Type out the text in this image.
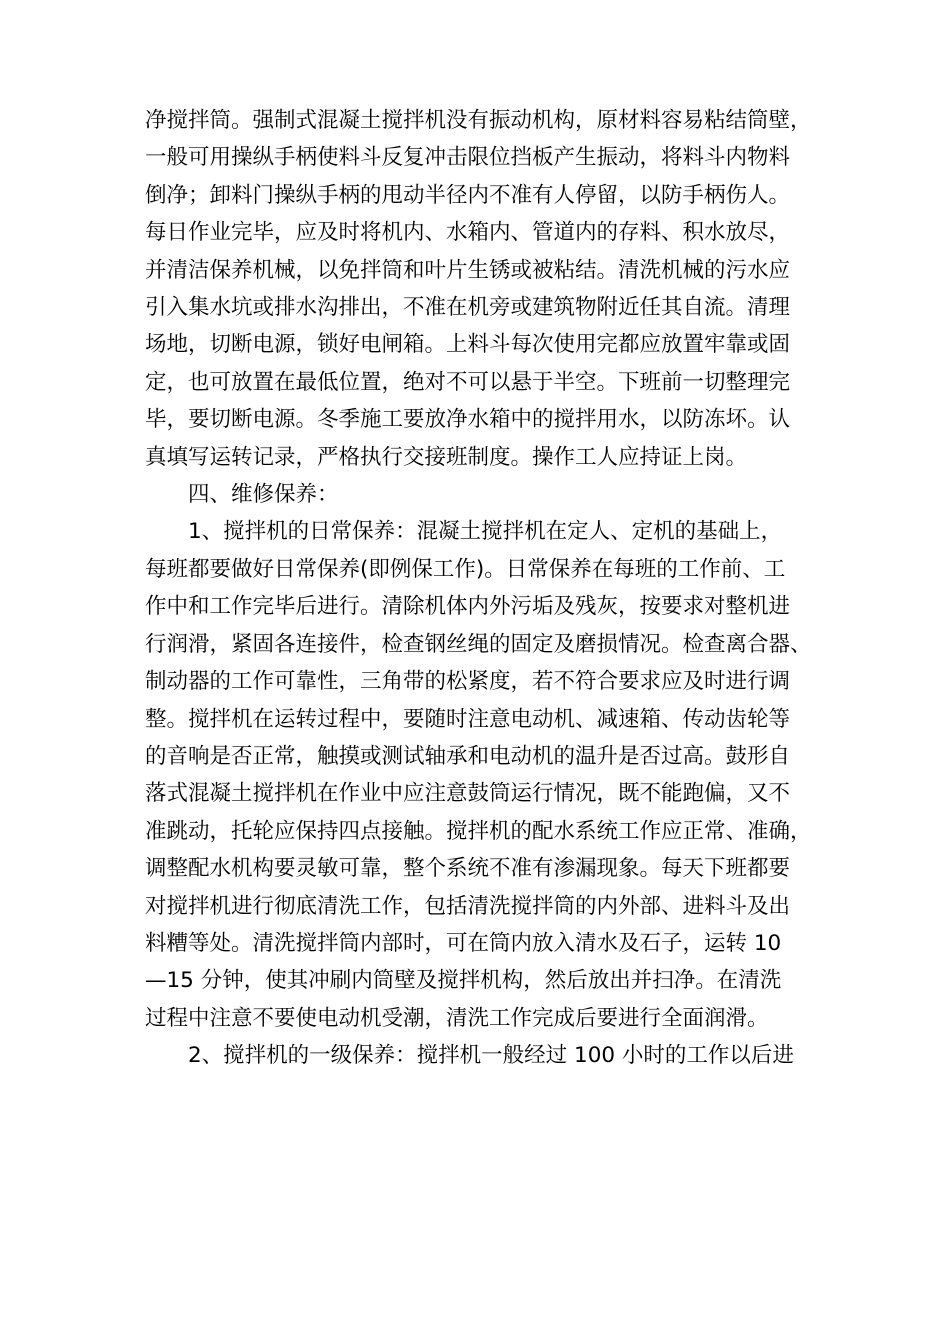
净搅拌筒。强制式混凝土搅拌机没有振动机构，原材料容易粘结筒壁，
一般可用操纵手柄使料斗反复冲击限位挡板产生振动，将料斗内物料
倒净；卸料门操纵手柄的甩动半径内不准有人停留，以防手柄伤人。
每日作业完毕，应及时将机内、水箱内、管道内的存料、积水放尽，
并清洁保养机械，以免拌筒和叶片生锈或被粘结。清洗机械的污水应
引入集水坑或排水沟排出，不准在机旁或建筑物附近任其自流。清理
场地，切断电源，锁好电闸箱。上料斗每次使用完都应放置牢靠或固
定，也可放置在最低位置，绝对不可以悬于半空。下班前一切整理完
毕，要切断电源。冬季施工要放净水箱中的搅拌用水，以防冻坏。认
真填写运转记录，严格执行交接班制度。操作工人应持证上岗。
四、维修保养：
1、搅拌机的日常保养：混凝土搅拌机在定人、定机的基础上，
每班都要做好日常保养(即例保工作)。日常保养在每班的工作前、工
作中和工作完毕后进行。清除机体内外污垢及残灰，按要求对整机进
行润滑，紧固各连接件，检查钢丝绳的固定及磨损情况。检查离合器、
制动器的工作可靠性，三角带的松紧度，若不符合要求应及时进行调
整。搅拌机在运转过程中，要随时注意电动机、减速箱、传动齿轮等
的音响是否正常，触摸或测试轴承和电动机的温升是否过高。鼓形自
落式混凝土搅拌机在作业中应注意鼓筒运行情况，既不能跑偏，又不
准跳动，托轮应保持四点接触。搅拌机的配水系统工作应正常、准确，
调整配水机构要灵敏可靠，整个系统不准有渗漏现象。每天下班都要
对搅拌机进行彻底清洗工作，包括清洗搅拌筒的内外部、进料斗及出
料糟等处。清洗搅拌筒内部时，可在筒内放入清水及石子，运转 10
—15 分钟，使其冲刷内筒壁及搅拌机构，然后放出并扫净。在清洗
过程中注意不要使电动机受潮，清洗工作完成后要进行全面润滑。
2、搅拌机的一级保养：搅拌机一般经过 100 小时的工作以后进
